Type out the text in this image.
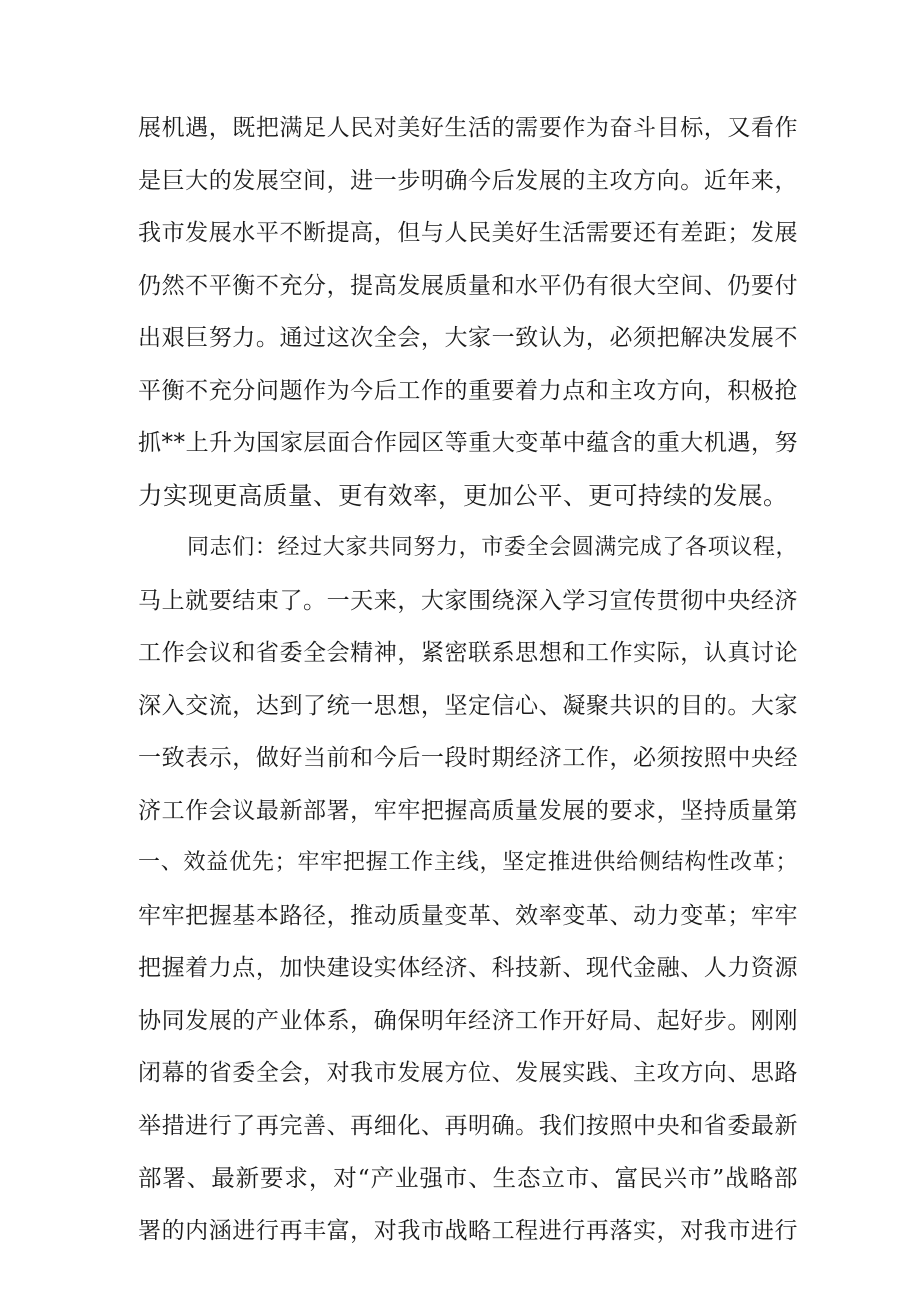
展机遇，既把满足人民对美好生活的需要作为奋斗目标，又看作
是巨大的发展空间，进一步明确今后发展的主攻方向。近年来，
我市发展水平不断提高，但与人民美好生活需要还有差距；发展
仍然不平衡不充分，提高发展质量和水平仍有很大空间、仍要付
出艰巨努力。通过这次全会，大家一致认为，必须把解决发展不
平衡不充分问题作为今后工作的重要着力点和主攻方向，积极抢
抓**上升为国家层面合作园区等重大变革中蕴含的重大机遇，努
力实现更高质量、更有效率，更加公平、更可持续的发展。
同志们：经过大家共同努力，市委全会圆满完成了各项议程，
马上就要结束了。一天来，大家围绕深入学习宣传贯彻中央经济
工作会议和省委全会精神，紧密联系思想和工作实际，认真讨论
深入交流，达到了统一思想，坚定信心、凝聚共识的目的。大家
一致表示，做好当前和今后一段时期经济工作，必须按照中央经
济工作会议最新部署，牢牢把握高质量发展的要求，坚持质量第
一、效益优先；牢牢把握工作主线，坚定推进供给侧结构性改革；
牢牢把握基本路径，推动质量变革、效率变革、动力变革；牢牢
把握着力点，加快建设实体经济、科技新、现代金融、人力资源
协同发展的产业体系，确保明年经济工作开好局、起好步。刚刚
闭幕的省委全会，对我市发展方位、发展实践、主攻方向、思路
举措进行了再完善、再细化、再明确。我们按照中央和省委最新
部署、最新要求，对“产业强市、生态立市、富民兴市”战略部
署的内涵进行再丰富，对我市战略工程进行再落实，对我市进行
